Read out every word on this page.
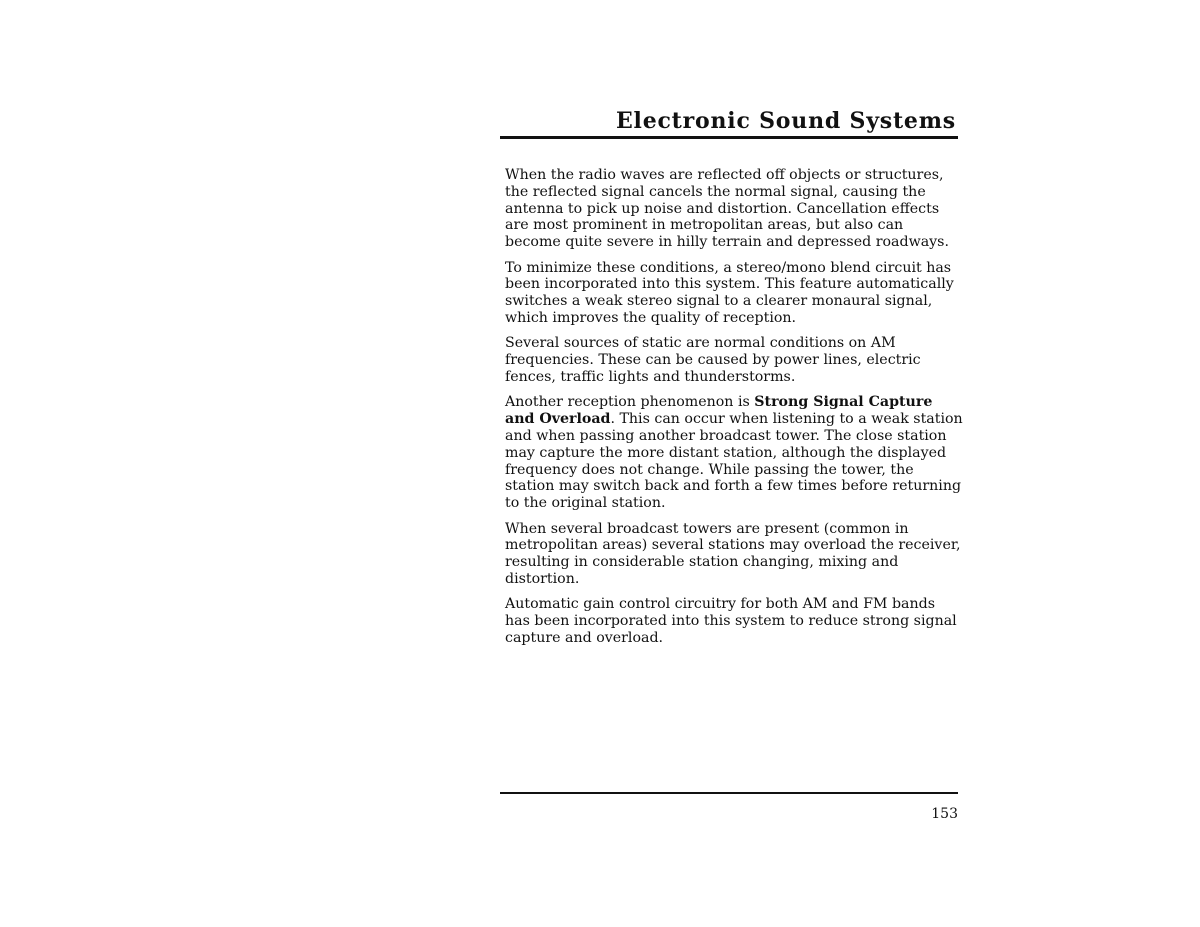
Electronic Sound Systems

When the radio waves are reflected off objects or structures, the reflected signal cancels the normal signal, causing the antenna to pick up noise and distortion. Cancellation effects are most prominent in metropolitan areas, but also can become quite severe in hilly terrain and depressed roadways.

To minimize these conditions, a stereo/mono blend circuit has been incorporated into this system. This feature automatically switches a weak stereo signal to a clearer monaural signal, which improves the quality of reception.

Several sources of static are normal conditions on AM frequencies. These can be caused by power lines, electric fences, traffic lights and thunderstorms.

Another reception phenomenon is Strong Signal Capture and Overload. This can occur when listening to a weak station and when passing another broadcast tower. The close station may capture the more distant station, although the displayed frequency does not change. While passing the tower, the station may switch back and forth a few times before returning to the original station.

When several broadcast towers are present (common in metropolitan areas) several stations may overload the receiver, resulting in considerable station changing, mixing and distortion.

Automatic gain control circuitry for both AM and FM bands has been incorporated into this system to reduce strong signal capture and overload.

153
